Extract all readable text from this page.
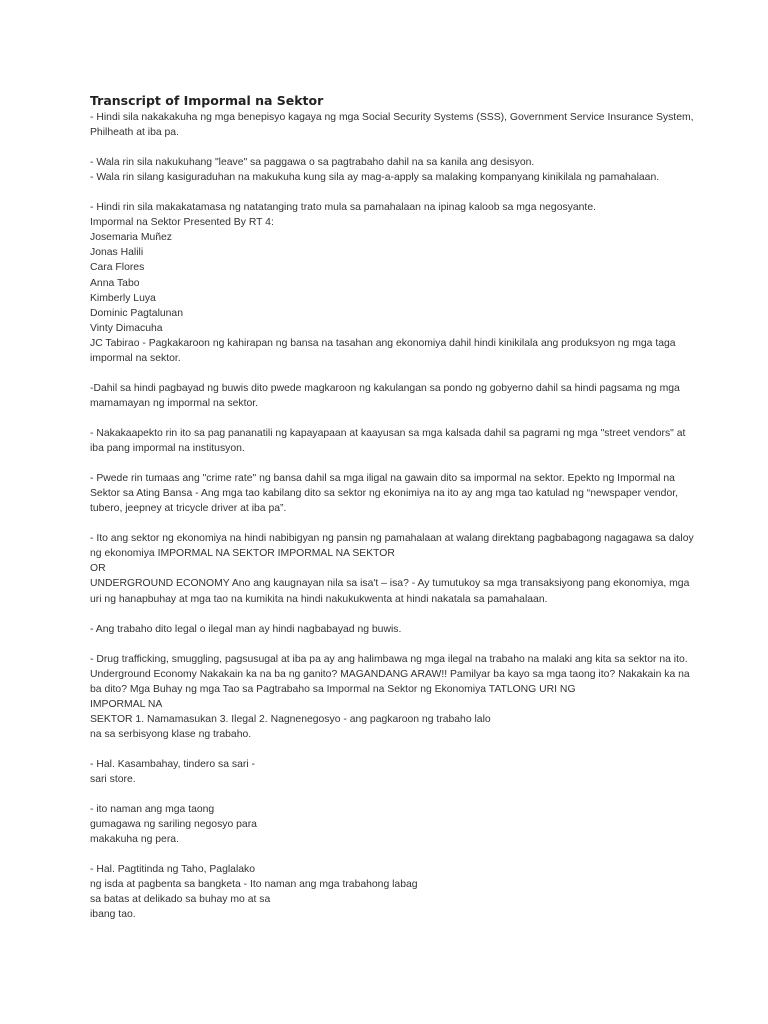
Transcript of Impormal na Sektor
- Hindi sila nakakakuha ng mga benepisyo kagaya ng mga Social Security Systems (SSS), Government Service Insurance System,
Philheath at iba pa.
- Wala rin sila nakukuhang "leave" sa paggawa o sa pagtrabaho dahil na sa kanila ang desisyon.
- Wala rin silang kasiguraduhan na makukuha kung sila ay mag-a-apply sa malaking kompanyang kinikilala ng pamahalaan.
- Hindi rin sila makakatamasa ng natatanging trato mula sa pamahalaan na ipinag kaloob sa mga negosyante.
Impormal na Sektor Presented By RT 4:
Josemaria Muñez
Jonas Halili
Cara Flores
Anna Tabo
Kimberly Luya
Dominic Pagtalunan
Vinty Dimacuha
JC Tabirao - Pagkakaroon ng kahirapan ng bansa na tasahan ang ekonomiya dahil hindi kinikilala ang produksyon ng mga taga
impormal na sektor.
-Dahil sa hindi pagbayad ng buwis dito pwede magkaroon ng kakulangan sa pondo ng gobyerno dahil sa hindi pagsama ng mga
mamamayan ng impormal na sektor.
- Nakakaapekto rin ito sa pag pananatili ng kapayapaan at kaayusan sa mga kalsada dahil sa pagrami ng mga "street vendors" at
iba pang impormal na institusyon.
- Pwede rin tumaas ang "crime rate" ng bansa dahil sa mga iligal na gawain dito sa impormal na sektor. Epekto ng Impormal na
Sektor sa Ating Bansa - Ang mga tao kabilang dito sa sektor ng ekonimiya na ito ay ang mga tao katulad ng “newspaper vendor,
tubero, jeepney at tricycle driver at iba pa”.
- Ito ang sektor ng ekonomiya na hindi nabibigyan ng pansin ng pamahalaan at walang direktang pagbabagong nagagawa sa daloy
ng ekonomiya IMPORMAL NA SEKTOR IMPORMAL NA SEKTOR
OR
UNDERGROUND ECONOMY Ano ang kaugnayan nila sa isa't – isa? - Ay tumutukoy sa mga transaksiyong pang ekonomiya, mga
uri ng hanapbuhay at mga tao na kumikita na hindi nakukukwenta at hindi nakatala sa pamahalaan.
- Ang trabaho dito legal o ilegal man ay hindi nagbabayad ng buwis.
- Drug trafficking, smuggling, pagsusugal at iba pa ay ang halimbawa ng mga ilegal na trabaho na malaki ang kita sa sektor na ito.
Underground Economy Nakakain ka na ba ng ganito? MAGANDANG ARAW!! Pamilyar ba kayo sa mga taong ito? Nakakain ka na
ba dito? Mga Buhay ng mga Tao sa Pagtrabaho sa Impormal na Sektor ng Ekonomiya TATLONG URI NG
IMPORMAL NA
SEKTOR 1. Namamasukan 3. Ilegal 2. Nagnenegosyo - ang pagkaroon ng trabaho lalo
na sa serbisyong klase ng trabaho.
- Hal. Kasambahay, tindero sa sari -
sari store.
- ito naman ang mga taong
gumagawa ng sariling negosyo para
makakuha ng pera.
- Hal. Pagtitinda ng Taho, Paglalako
ng isda at pagbenta sa bangketa - Ito naman ang mga trabahong labag
sa batas at delikado sa buhay mo at sa
ibang tao.
